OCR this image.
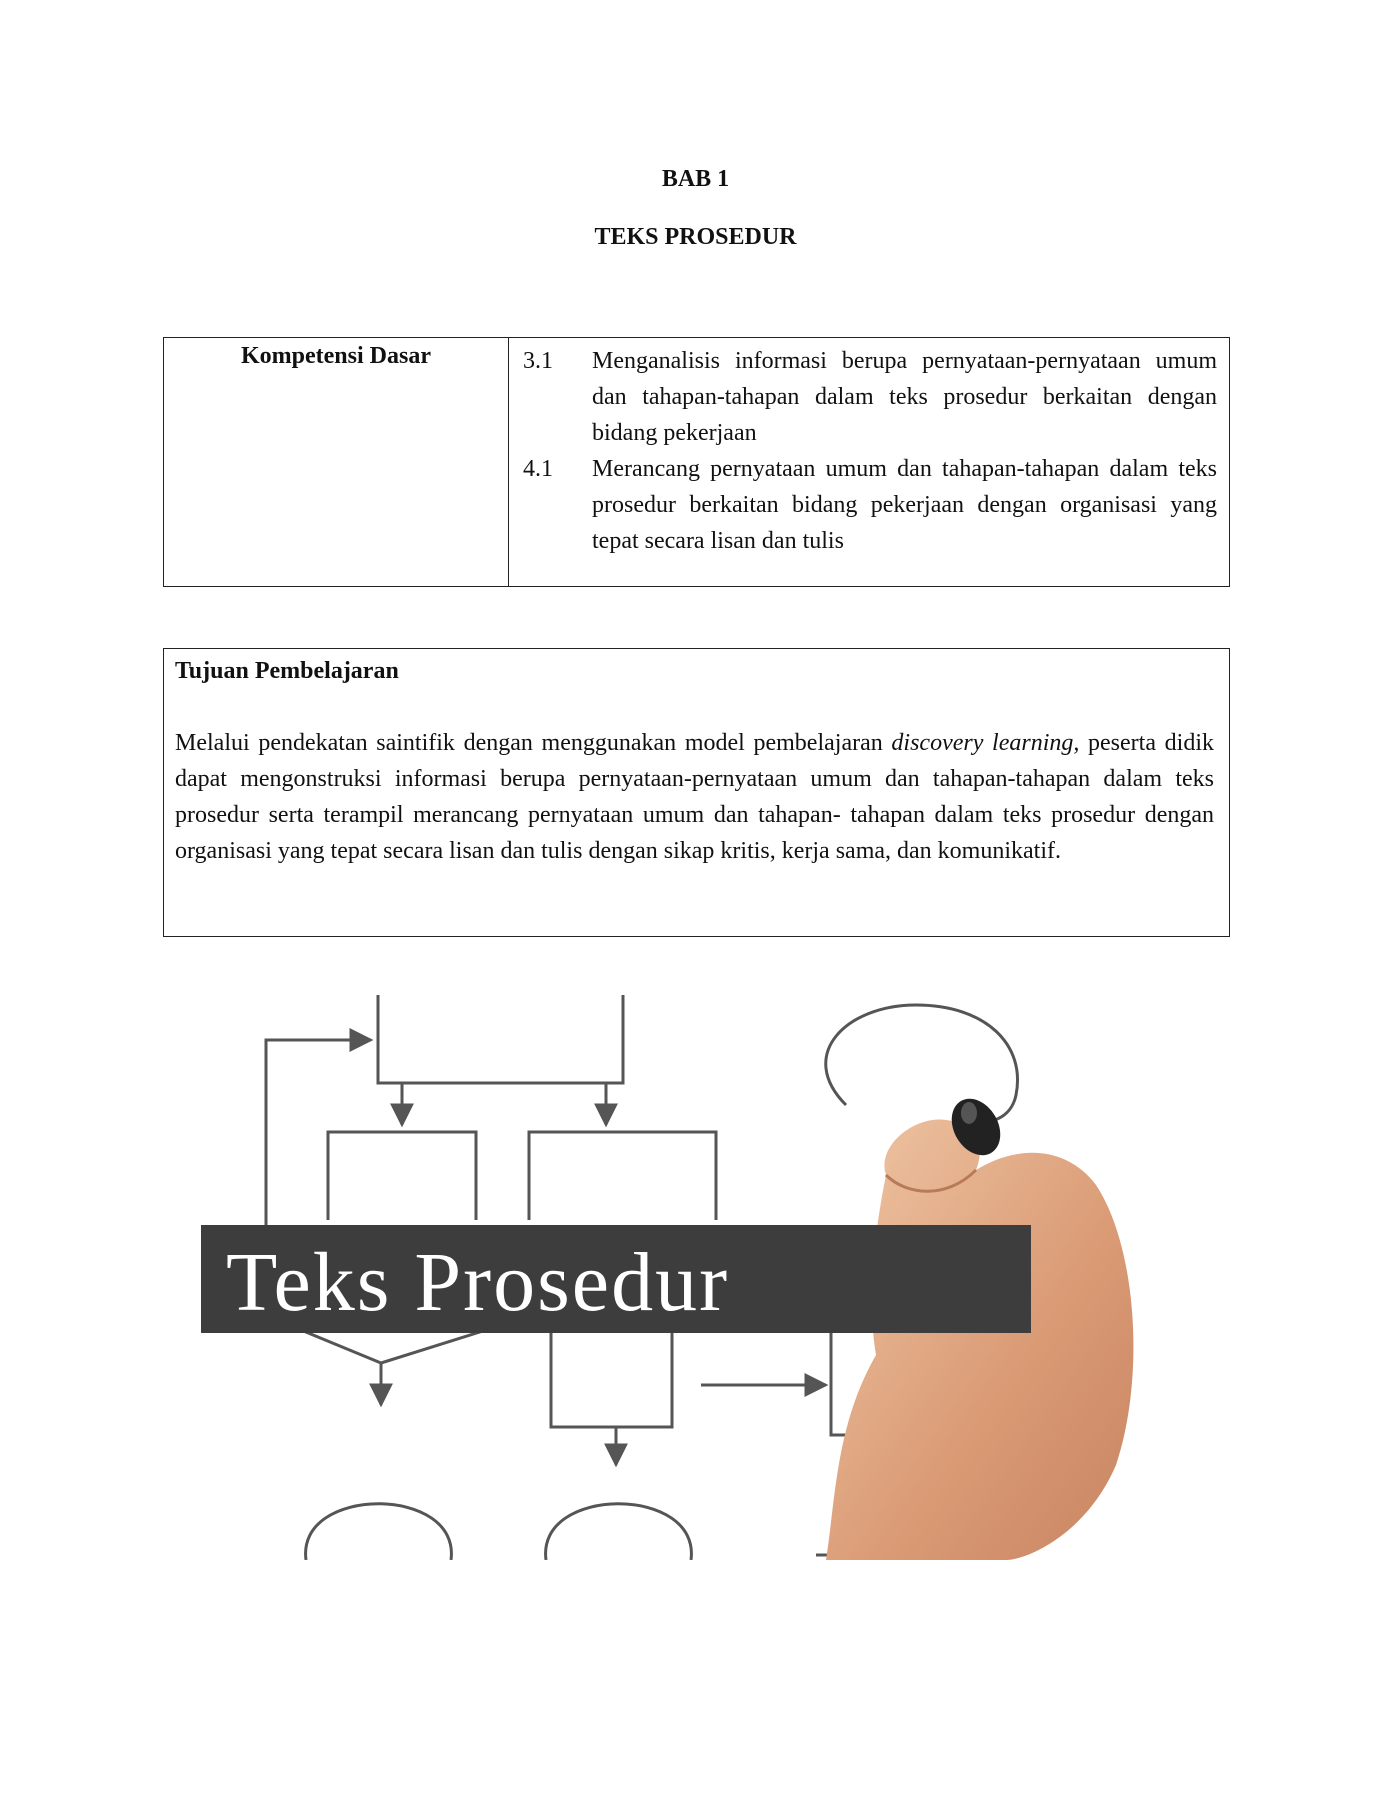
BAB 1
TEKS PROSEDUR
Kompetensi Dasar	3.1	Menganalisis informasi berupa pernyataan-pernyataan umum dan tahapan-tahapan dalam teks prosedur berkaitan dengan bidang pekerjaan
4.1	Merancang pernyataan umum dan tahapan-tahapan dalam teks prosedur berkaitan bidang pekerjaan dengan organisasi yang tepat secara lisan dan tulis
Tujuan Pembelajaran
Melalui pendekatan saintifik dengan menggunakan model pembelajaran discovery learning, peserta didik dapat mengonstruksi informasi berupa pernyataan-pernyataan umum dan tahapan-tahapan dalam teks prosedur serta terampil merancang pernyataan umum dan tahapan- tahapan dalam teks prosedur dengan organisasi yang tepat secara lisan dan tulis dengan sikap kritis, kerja sama, dan komunikatif.
Teks Prosedur
